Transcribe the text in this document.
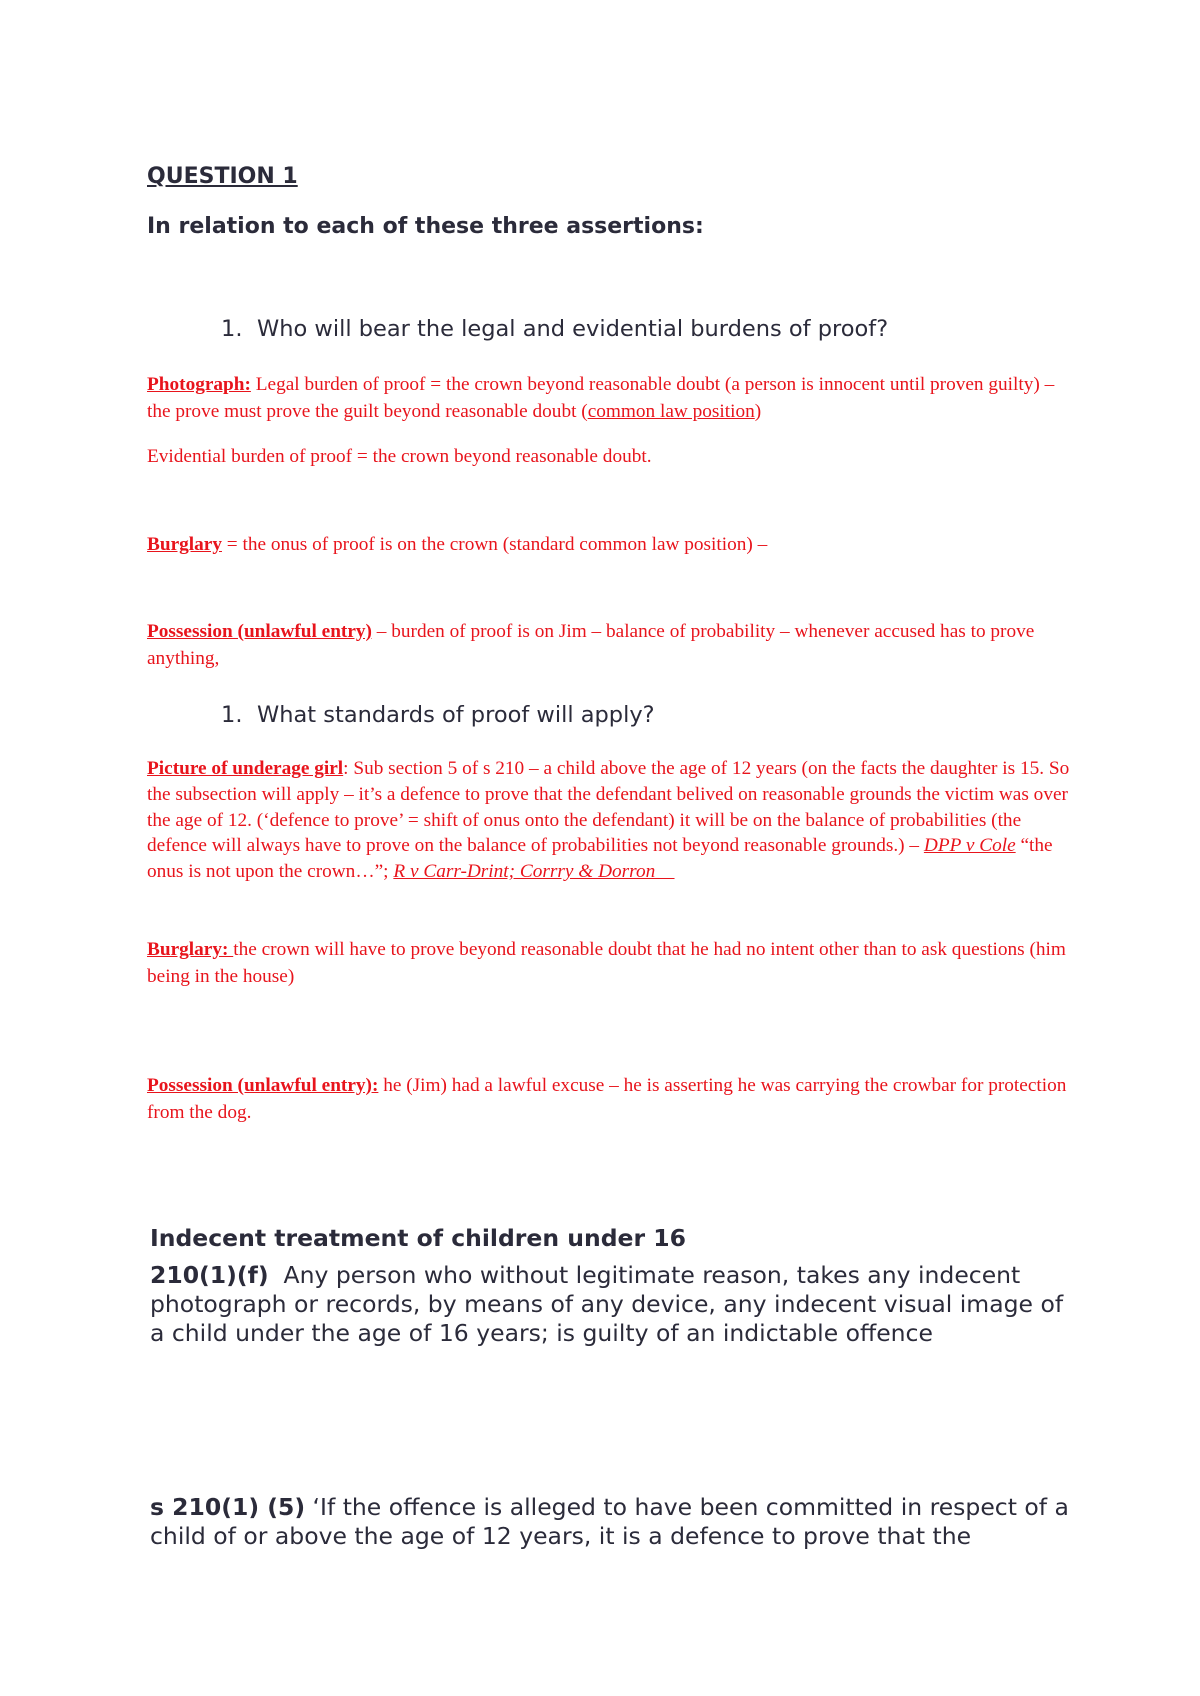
QUESTION 1

In relation to each of these three assertions:

1. Who will bear the legal and evidential burdens of proof?

Photograph: Legal burden of proof = the crown beyond reasonable doubt (a person is innocent until proven guilty) – the prove must prove the guilt beyond reasonable doubt (common law position)

Evidential burden of proof = the crown beyond reasonable doubt.

Burglary = the onus of proof is on the crown (standard common law position) –

Possession (unlawful entry) – burden of proof is on Jim – balance of probability – whenever accused has to prove anything,

1. What standards of proof will apply?

Picture of underage girl: Sub section 5 of s 210 – a child above the age of 12 years (on the facts the daughter is 15. So the subsection will apply – it’s a defence to prove that the defendant belived on reasonable grounds the victim was over the age of 12. (‘defence to prove’ = shift of onus onto the defendant) it will be on the balance of probabilities (the defence will always have to prove on the balance of probabilities not beyond reasonable grounds.) – DPP v Cole “the onus is not upon the crown…”; R v Carr-Drint; Corrry & Dorron

Burglary: the crown will have to prove beyond reasonable doubt that he had no intent other than to ask questions (him being in the house)

Possession (unlawful entry): he (Jim) had a lawful excuse – he is asserting he was carrying the crowbar for protection from the dog.

Indecent treatment of children under 16

210(1)(f)  Any person who without legitimate reason, takes any indecent photograph or records, by means of any device, any indecent visual image of a child under the age of 16 years; is guilty of an indictable offence

s 210(1) (5) ‘If the offence is alleged to have been committed in respect of a child of or above the age of 12 years, it is a defence to prove that the
